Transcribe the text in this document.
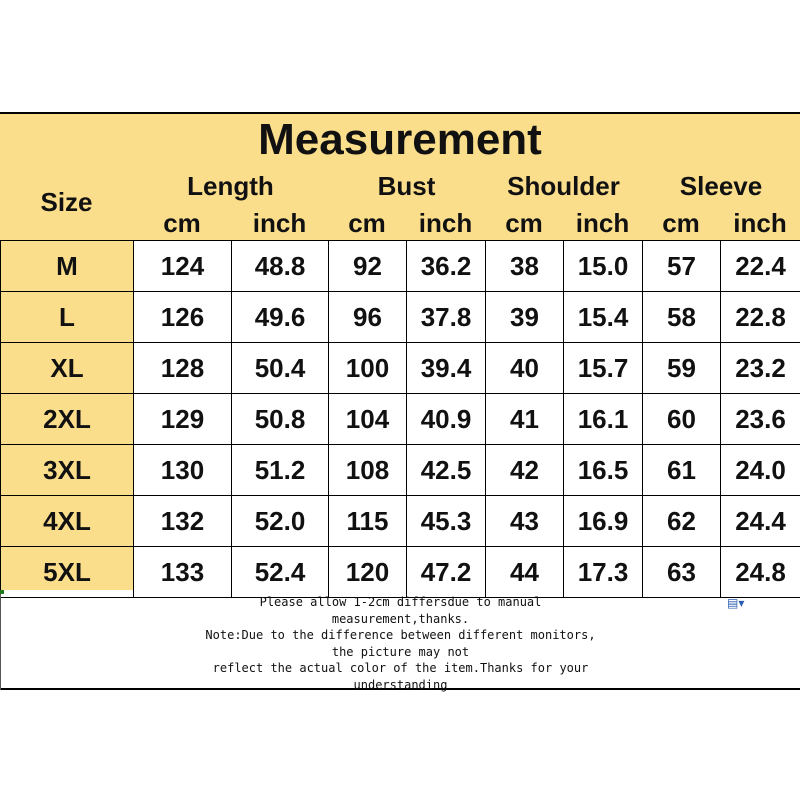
Measurement
Size
Length	Bust	Shoulder	Sleeve
cm	inch	cm	inch	cm	inch	cm	inch
M	124	48.8	92	36.2	38	15.0	57	22.4
L	126	49.6	96	37.8	39	15.4	58	22.8
XL	128	50.4	100	39.4	40	15.7	59	23.2
2XL	129	50.8	104	40.9	41	16.1	60	23.6
3XL	130	51.2	108	42.5	42	16.5	61	24.0
4XL	132	52.0	115	45.3	43	16.9	62	24.4
5XL	133	52.4	120	47.2	44	17.3	63	24.8
Please allow 1-2cm differsdue to manual
measurement,thanks.
Note:Due to the difference between different monitors,
the picture may not
reflect the actual color of the item.Thanks for your
understanding
▤▾
